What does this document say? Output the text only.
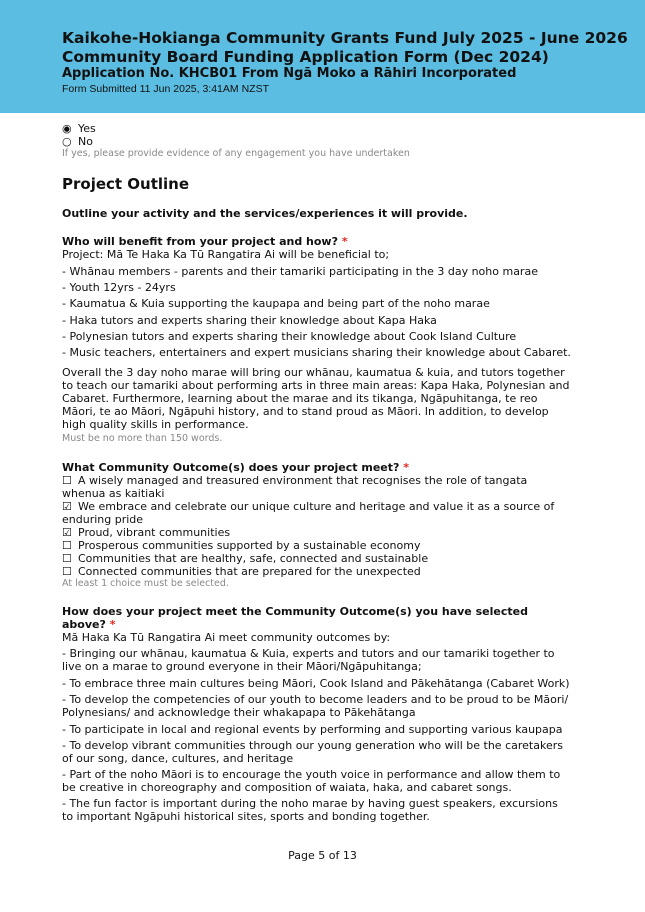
Kaikohe-Hokianga Community Grants Fund July 2025 - June 2026
Community Board Funding Application Form (Dec 2024)
Application No. KHCB01 From Ngā Moko a Rāhiri Incorporated
Form Submitted 11 Jun 2025, 3:41AM NZST
◉ Yes
○ No
If yes, please provide evidence of any engagement you have undertaken
Project Outline
Outline your activity and the services/experiences it will provide.
Who will benefit from your project and how? *
Project: Mā Te Haka Ka Tū Rangatira Ai will be beneficial to;
- Whānau members - parents and their tamariki participating in the 3 day noho marae
- Youth 12yrs - 24yrs
- Kaumatua & Kuia supporting the kaupapa and being part of the noho marae
- Haka tutors and experts sharing their knowledge about Kapa Haka
- Polynesian tutors and experts sharing their knowledge about Cook Island Culture
- Music teachers, entertainers and expert musicians sharing their knowledge about Cabaret.
Overall the 3 day noho marae will bring our whānau, kaumatua & kuia, and tutors together to teach our tamariki about performing arts in three main areas: Kapa Haka, Polynesian and Cabaret. Furthermore, learning about the marae and its tikanga, Ngāpuhitanga, te reo Māori, te ao Māori, Ngāpuhi history, and to stand proud as Māori. In addition, to develop high quality skills in performance.
Must be no more than 150 words.
What Community Outcome(s) does your project meet? *
☐ A wisely managed and treasured environment that recognises the role of tangata whenua as kaitiaki
☑ We embrace and celebrate our unique culture and heritage and value it as a source of enduring pride
☑ Proud, vibrant communities
☐ Prosperous communities supported by a sustainable economy
☐ Communities that are healthy, safe, connected and sustainable
☐ Connected communities that are prepared for the unexpected
At least 1 choice must be selected.
How does your project meet the Community Outcome(s) you have selected above? *
Mā Haka Ka Tū Rangatira Ai meet community outcomes by:
- Bringing our whānau, kaumatua & Kuia, experts and tutors and our tamariki together to live on a marae to ground everyone in their Māori/Ngāpuhitanga;
- To embrace three main cultures being Māori, Cook Island and Pākehātanga (Cabaret Work)
- To develop the competencies of our youth to become leaders and to be proud to be Māori/ Polynesians/ and acknowledge their whakapapa to Pākehātanga
- To participate in local and regional events by performing and supporting various kaupapa
- To develop vibrant communities through our young generation who will be the caretakers of our song, dance, cultures, and heritage
- Part of the noho Māori is to encourage the youth voice in performance and allow them to be creative in choreography and composition of waiata, haka, and cabaret songs.
- The fun factor is important during the noho marae by having guest speakers, excursions to important Ngāpuhi historical sites, sports and bonding together.
Page 5 of 13
